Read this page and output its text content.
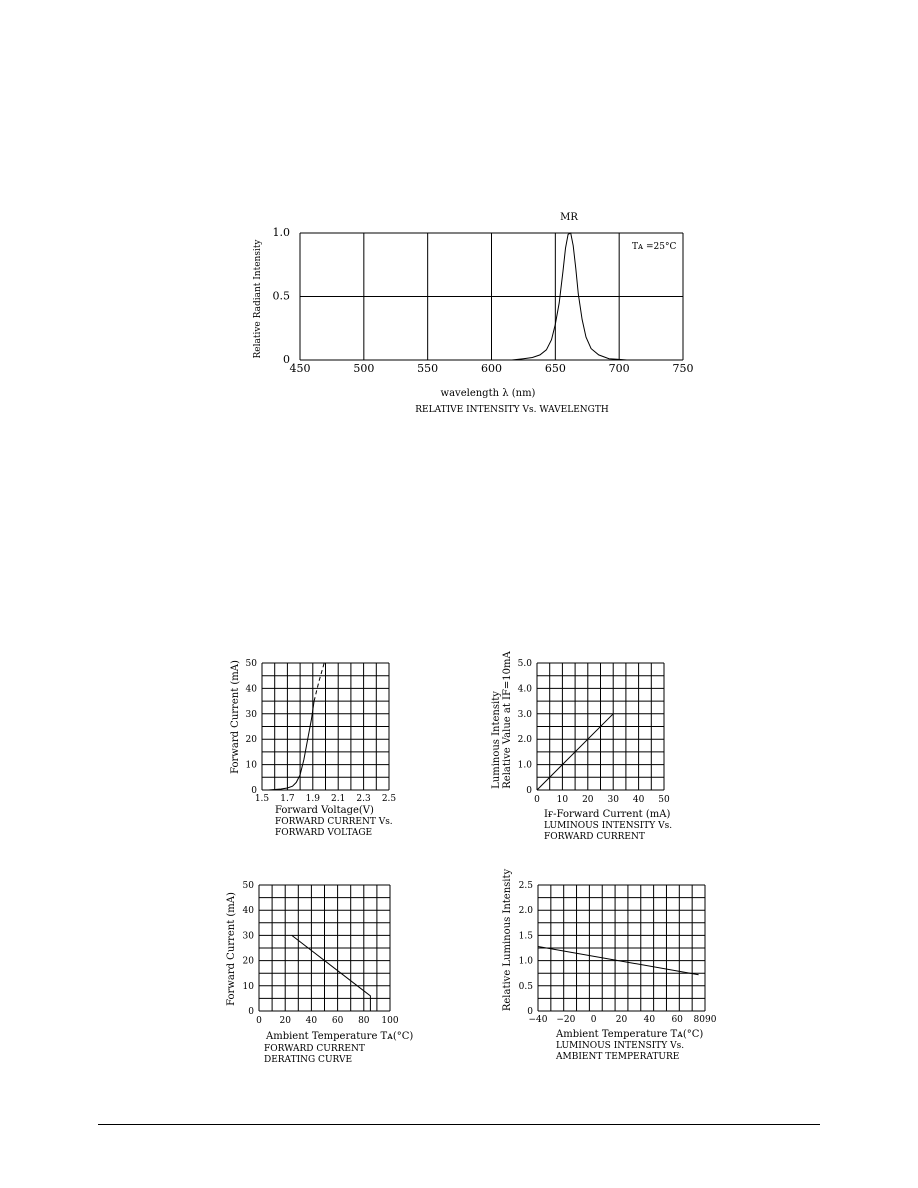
450	500	550	600	650	700	750
0
0.5
1.0
MR
Tᴀ =25°C
wavelength λ (nm)
RELATIVE INTENSITY Vs. WAVELENGTH
Relative Radiant Intensity
1.5 1.7 1.9 2.1 2.3 2.5
0
10
20
30
40
50
Forward Voltage(V)
FORWARD CURRENT Vs.
FORWARD VOLTAGE
Forward Current (mA)
0 10 20 30 40 50
0
1.0
2.0
3.0
4.0
5.0
Iғ-Forward Current (mA)
LUMINOUS INTENSITY Vs.
FORWARD CURRENT
Luminous Intensity Relative Value at IF=10mA
0 20 40 60 80 100
0
10
20
30
40
50
Ambient Temperature Tᴀ(°C)
FORWARD CURRENT
DERATING CURVE
Forward Current (mA)
−40 −20 0 20 40 60 8090
0
0.5
1.0
1.5
2.0
2.5
Ambient Temperature Tᴀ(°C)
LUMINOUS INTENSITY Vs.
AMBIENT TEMPERATURE
Relative Luminous Intensity
